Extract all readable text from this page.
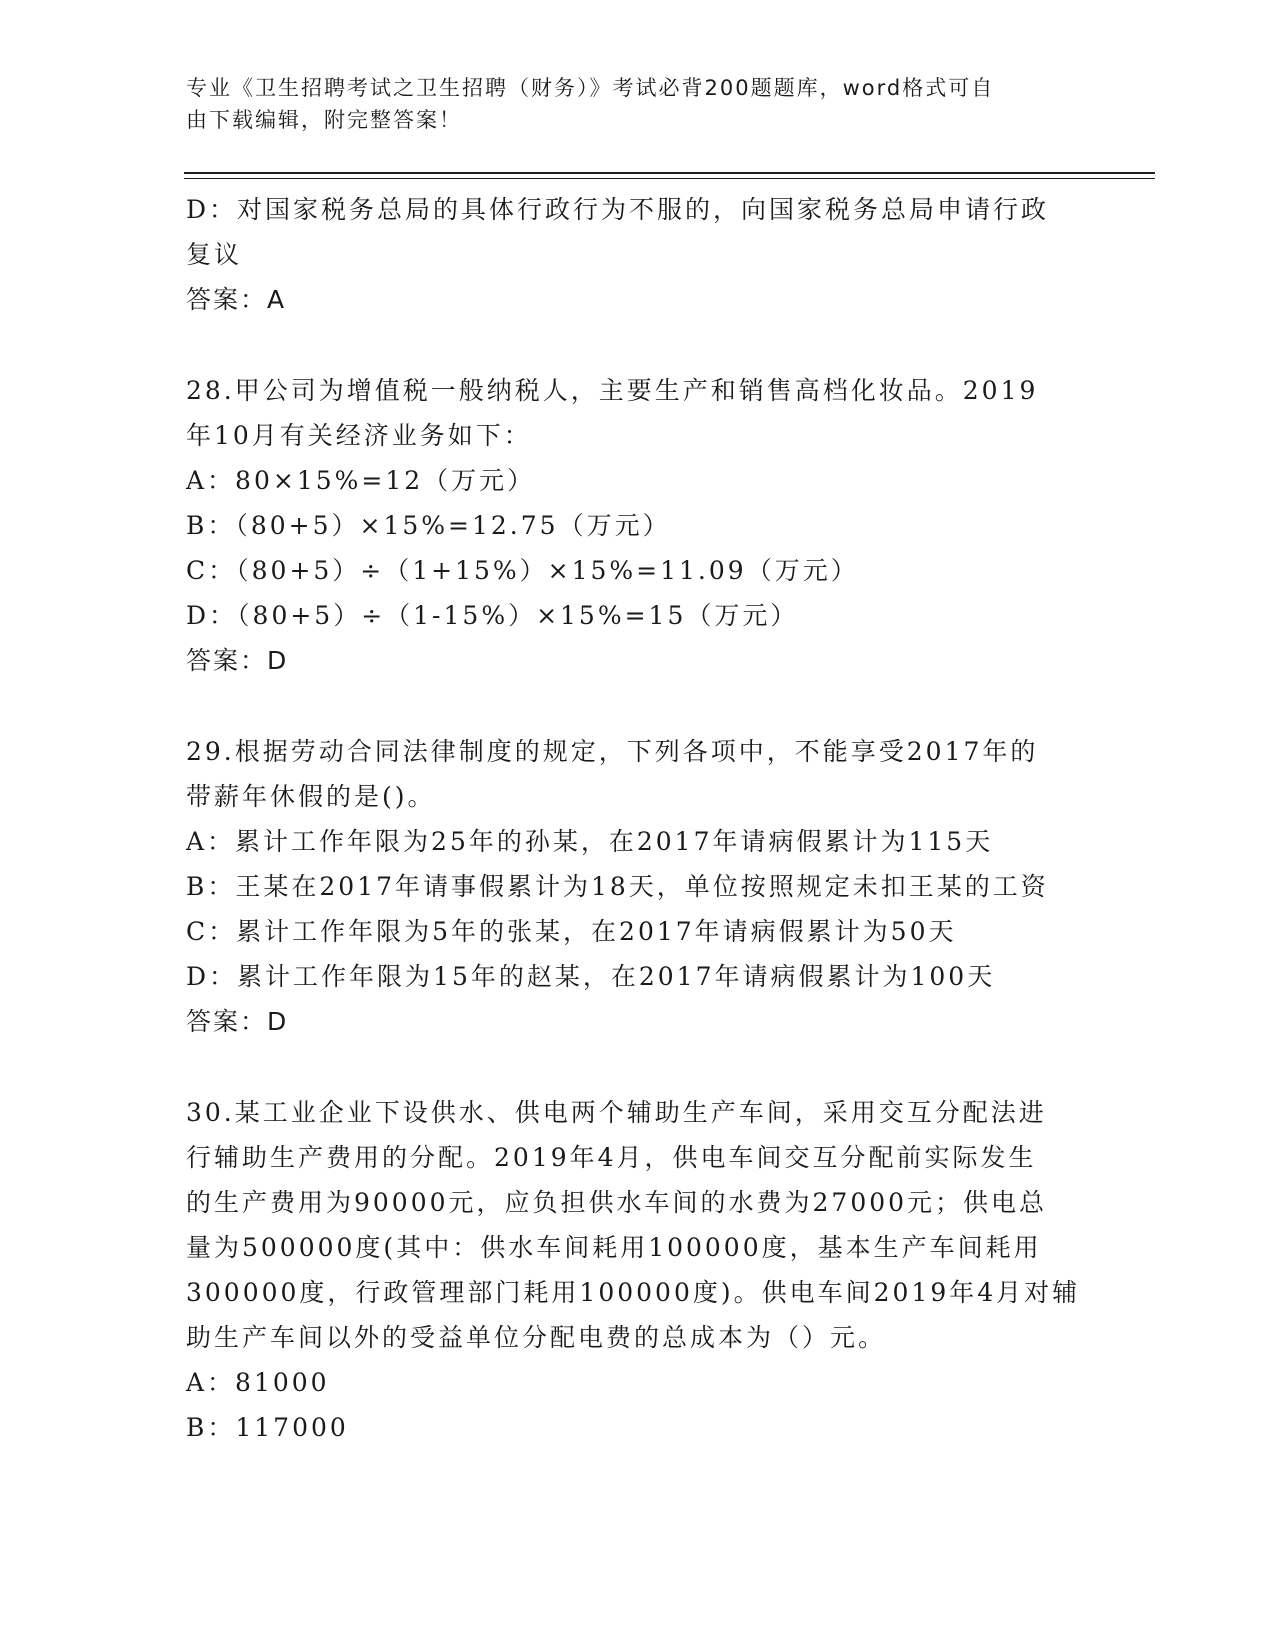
专业《卫生招聘考试之卫生招聘（财务）》考试必背200题题库，word格式可自
由下载编辑，附完整答案！
D：对国家税务总局的具体行政行为不服的，向国家税务总局申请行政
复议
答案：A
28.甲公司为增值税一般纳税人，主要生产和销售高档化妆品。2019
年10月有关经济业务如下：
A：80×15%=12（万元）
B：（80+5）×15%=12.75（万元）
C：（80+5）÷（1+15%）×15%=11.09（万元）
D：（80+5）÷（1-15%）×15%=15（万元）
答案：D
29.根据劳动合同法律制度的规定，下列各项中，不能享受2017年的
带薪年休假的是()。
A：累计工作年限为25年的孙某，在2017年请病假累计为115天
B：王某在2017年请事假累计为18天，单位按照规定未扣王某的工资
C：累计工作年限为5年的张某，在2017年请病假累计为50天
D：累计工作年限为15年的赵某，在2017年请病假累计为100天
答案：D
30.某工业企业下设供水、供电两个辅助生产车间，采用交互分配法进
行辅助生产费用的分配。2019年4月，供电车间交互分配前实际发生
的生产费用为90000元，应负担供水车间的水费为27000元；供电总
量为500000度(其中：供水车间耗用100000度，基本生产车间耗用
300000度，行政管理部门耗用100000度)。供电车间2019年4月对辅
助生产车间以外的受益单位分配电费的总成本为（）元。
A：81000
B：117000
